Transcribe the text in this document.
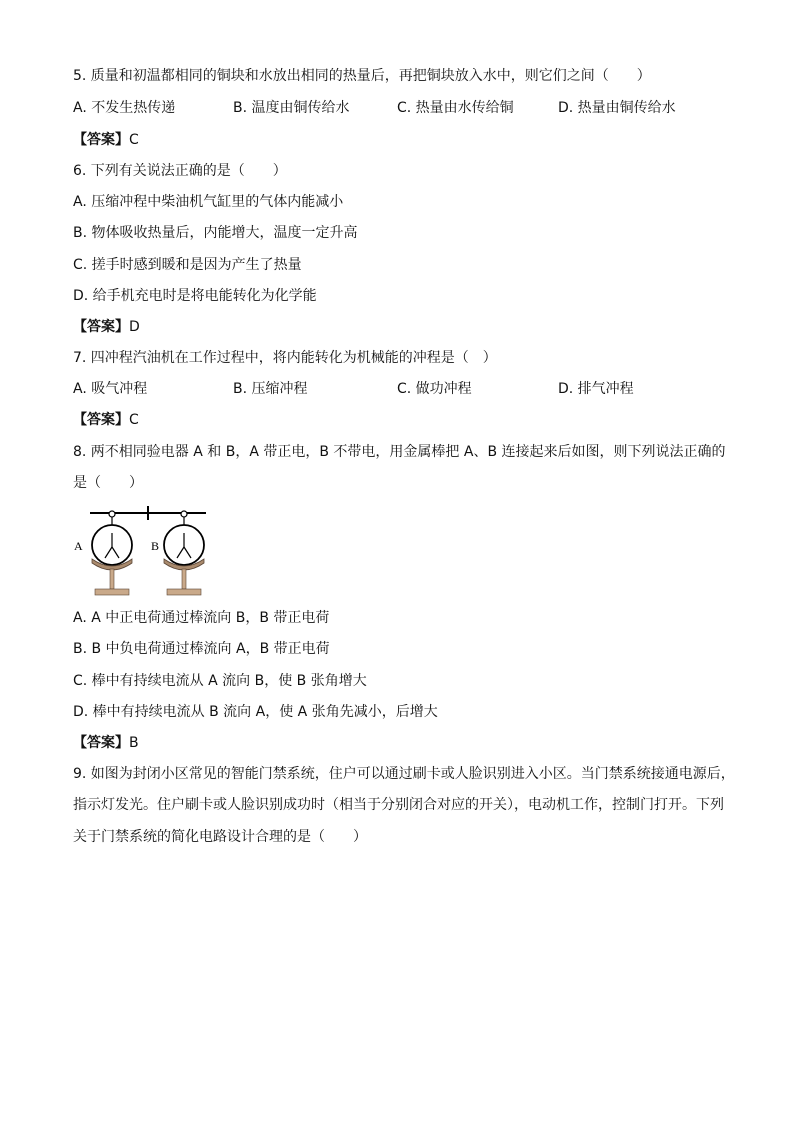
5. 质量和初温都相同的铜块和水放出相同的热量后，再把铜块放入水中，则它们之间（　　）
A. 不发生热传递	B. 温度由铜传给水	C. 热量由水传给铜	D. 热量由铜传给水
【答案】C
6. 下列有关说法正确的是（　　）
A. 压缩冲程中柴油机气缸里的气体内能减小
B. 物体吸收热量后，内能增大，温度一定升高
C. 搓手时感到暖和是因为产生了热量
D. 给手机充电时是将电能转化为化学能
【答案】D
7. 四冲程汽油机在工作过程中，将内能转化为机械能的冲程是（　）
A. 吸气冲程	B. 压缩冲程	C. 做功冲程	D. 排气冲程
【答案】C
8. 两不相同验电器 A 和 B，A 带正电，B 不带电，用金属棒把 A、B 连接起来后如图，则下列说法正确的
是（　　）
A	B
A. A 中正电荷通过棒流向 B，B 带正电荷
B. B 中负电荷通过棒流向 A，B 带正电荷
C. 棒中有持续电流从 A 流向 B，使 B 张角增大
D. 棒中有持续电流从 B 流向 A，使 A 张角先减小，后增大
【答案】B
9. 如图为封闭小区常见的智能门禁系统，住户可以通过刷卡或人脸识别进入小区。当门禁系统接通电源后，
指示灯发光。住户刷卡或人脸识别成功时（相当于分别闭合对应的开关），电动机工作，控制门打开。下列
关于门禁系统的简化电路设计合理的是（　　）
